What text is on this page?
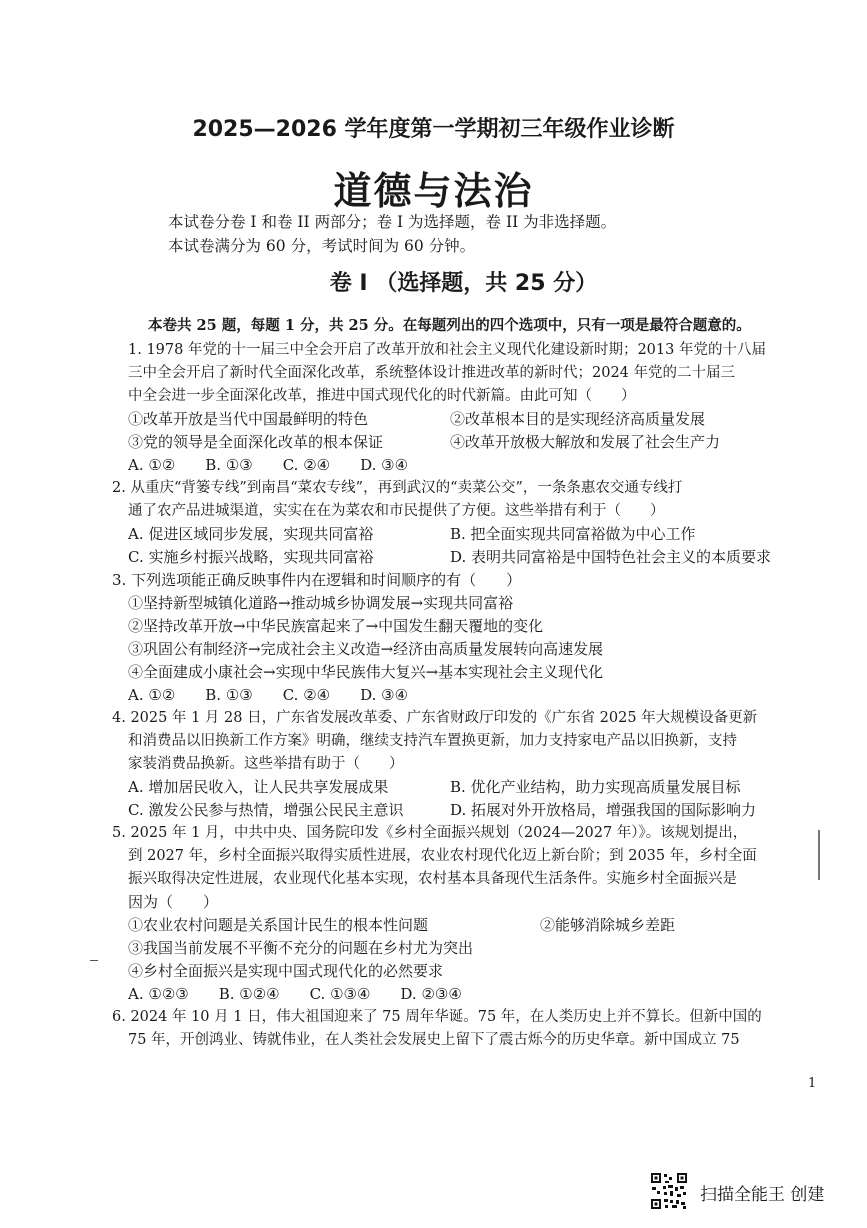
2025—2026 学年度第一学期初三年级作业诊断
道德与法治
本试卷分卷 I 和卷 II 两部分；卷 I 为选择题，卷 II 为非选择题。
本试卷满分为 60 分，考试时间为 60 分钟。
卷 I （选择题，共 25 分）
本卷共 25 题，每题 1 分，共 25 分。在每题列出的四个选项中，只有一项是最符合题意的。
1. 1978 年党的十一届三中全会开启了改革开放和社会主义现代化建设新时期；2013 年党的十八届
三中全会开启了新时代全面深化改革，系统整体设计推进改革的新时代；2024 年党的二十届三
中全会进一步全面深化改革，推进中国式现代化的时代新篇。由此可知（　　）
①改革开放是当代中国最鲜明的特色	②改革根本目的是实现经济高质量发展
③党的领导是全面深化改革的根本保证	④改革开放极大解放和发展了社会生产力
A. ①②　　B. ①③　　C. ②④　　D. ③④
2. 从重庆“背篓专线”到南昌“菜农专线”，再到武汉的“卖菜公交”，一条条惠农交通专线打
通了农产品进城渠道，实实在在为菜农和市民提供了方便。这些举措有利于（　　）
A. 促进区域同步发展，实现共同富裕	B. 把全面实现共同富裕做为中心工作
C. 实施乡村振兴战略，实现共同富裕	D. 表明共同富裕是中国特色社会主义的本质要求
3. 下列选项能正确反映事件内在逻辑和时间顺序的有（　　）
①坚持新型城镇化道路→推动城乡协调发展→实现共同富裕
②坚持改革开放→中华民族富起来了→中国发生翻天覆地的变化
③巩固公有制经济→完成社会主义改造→经济由高质量发展转向高速发展
④全面建成小康社会→实现中华民族伟大复兴→基本实现社会主义现代化
A. ①②　　B. ①③　　C. ②④　　D. ③④
4. 2025 年 1 月 28 日，广东省发展改革委、广东省财政厅印发的《广东省 2025 年大规模设备更新
和消费品以旧换新工作方案》明确，继续支持汽车置换更新，加力支持家电产品以旧换新，支持
家装消费品换新。这些举措有助于（　　）
A. 增加居民收入，让人民共享发展成果	B. 优化产业结构，助力实现高质量发展目标
C. 激发公民参与热情，增强公民民主意识	D. 拓展对外开放格局，增强我国的国际影响力
5. 2025 年 1 月，中共中央、国务院印发《乡村全面振兴规划（2024—2027 年）》。该规划提出，
到 2027 年，乡村全面振兴取得实质性进展，农业农村现代化迈上新台阶；到 2035 年，乡村全面
振兴取得决定性进展，农业现代化基本实现，农村基本具备现代生活条件。实施乡村全面振兴是
因为（　　）
①农业农村问题是关系国计民生的根本性问题	②能够消除城乡差距
③我国当前发展不平衡不充分的问题在乡村尤为突出
④乡村全面振兴是实现中国式现代化的必然要求
A. ①②③　　B. ①②④　　C. ①③④　　D. ②③④
6. 2024 年 10 月 1 日，伟大祖国迎来了 75 周年华诞。75 年，在人类历史上并不算长。但新中国的
75 年，开创鸿业、铸就伟业，在人类社会发展史上留下了震古烁今的历史华章。新中国成立 75
1
扫描全能王 创建
